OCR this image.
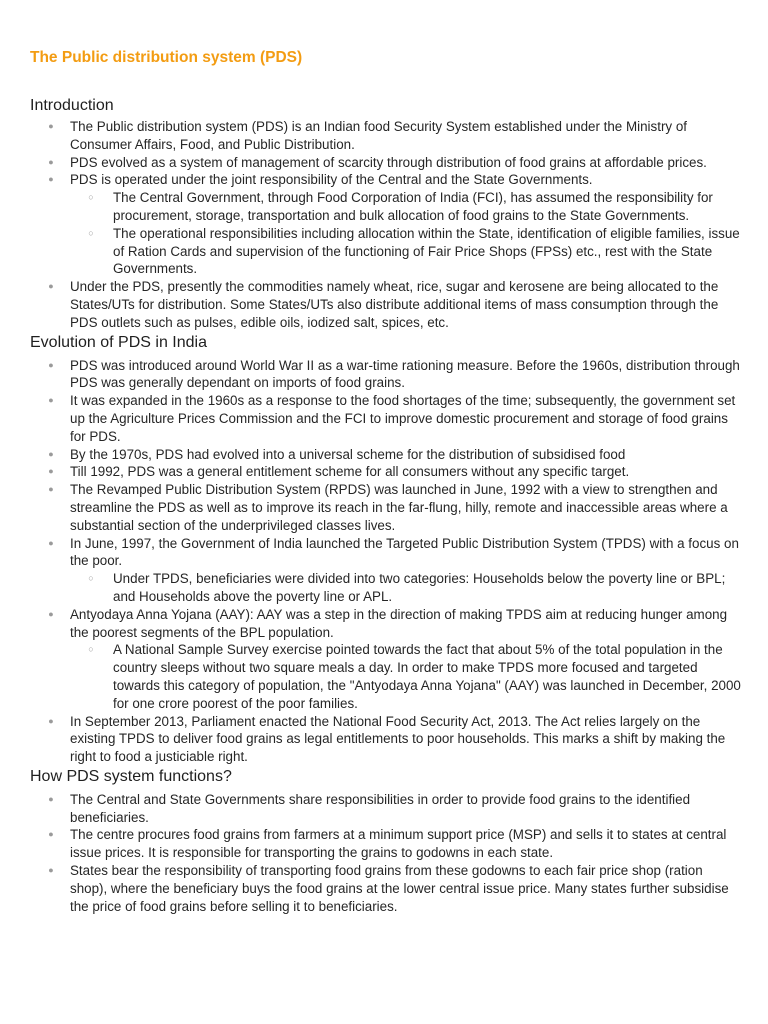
The Public distribution system (PDS)
Introduction
● The Public distribution system (PDS) is an Indian food Security System established under the Ministry of Consumer Affairs, Food, and Public Distribution.
● PDS evolved as a system of management of scarcity through distribution of food grains at affordable prices.
● PDS is operated under the joint responsibility of the Central and the State Governments.
○ The Central Government, through Food Corporation of India (FCI), has assumed the responsibility for procurement, storage, transportation and bulk allocation of food grains to the State Governments.
○ The operational responsibilities including allocation within the State, identification of eligible families, issue of Ration Cards and supervision of the functioning of Fair Price Shops (FPSs) etc., rest with the State Governments.
● Under the PDS, presently the commodities namely wheat, rice, sugar and kerosene are being allocated to the States/UTs for distribution. Some States/UTs also distribute additional items of mass consumption through the PDS outlets such as pulses, edible oils, iodized salt, spices, etc.
Evolution of PDS in India
● PDS was introduced around World War II as a war-time rationing measure. Before the 1960s, distribution through PDS was generally dependant on imports of food grains.
● It was expanded in the 1960s as a response to the food shortages of the time; subsequently, the government set up the Agriculture Prices Commission and the FCI to improve domestic procurement and storage of food grains for PDS.
● By the 1970s, PDS had evolved into a universal scheme for the distribution of subsidised food
● Till 1992, PDS was a general entitlement scheme for all consumers without any specific target.
● The Revamped Public Distribution System (RPDS) was launched in June, 1992 with a view to strengthen and streamline the PDS as well as to improve its reach in the far-flung, hilly, remote and inaccessible areas where a substantial section of the underprivileged classes lives.
● In June, 1997, the Government of India launched the Targeted Public Distribution System (TPDS) with a focus on the poor.
○ Under TPDS, beneficiaries were divided into two categories: Households below the poverty line or BPL; and Households above the poverty line or APL.
● Antyodaya Anna Yojana (AAY): AAY was a step in the direction of making TPDS aim at reducing hunger among the poorest segments of the BPL population.
○ A National Sample Survey exercise pointed towards the fact that about 5% of the total population in the country sleeps without two square meals a day. In order to make TPDS more focused and targeted towards this category of population, the "Antyodaya Anna Yojana" (AAY) was launched in December, 2000 for one crore poorest of the poor families.
● In September 2013, Parliament enacted the National Food Security Act, 2013. The Act relies largely on the existing TPDS to deliver food grains as legal entitlements to poor households. This marks a shift by making the right to food a justiciable right.
How PDS system functions?
● The Central and State Governments share responsibilities in order to provide food grains to the identified beneficiaries.
● The centre procures food grains from farmers at a minimum support price (MSP) and sells it to states at central issue prices. It is responsible for transporting the grains to godowns in each state.
● States bear the responsibility of transporting food grains from these godowns to each fair price shop (ration shop), where the beneficiary buys the food grains at the lower central issue price. Many states further subsidise the price of food grains before selling it to beneficiaries.
